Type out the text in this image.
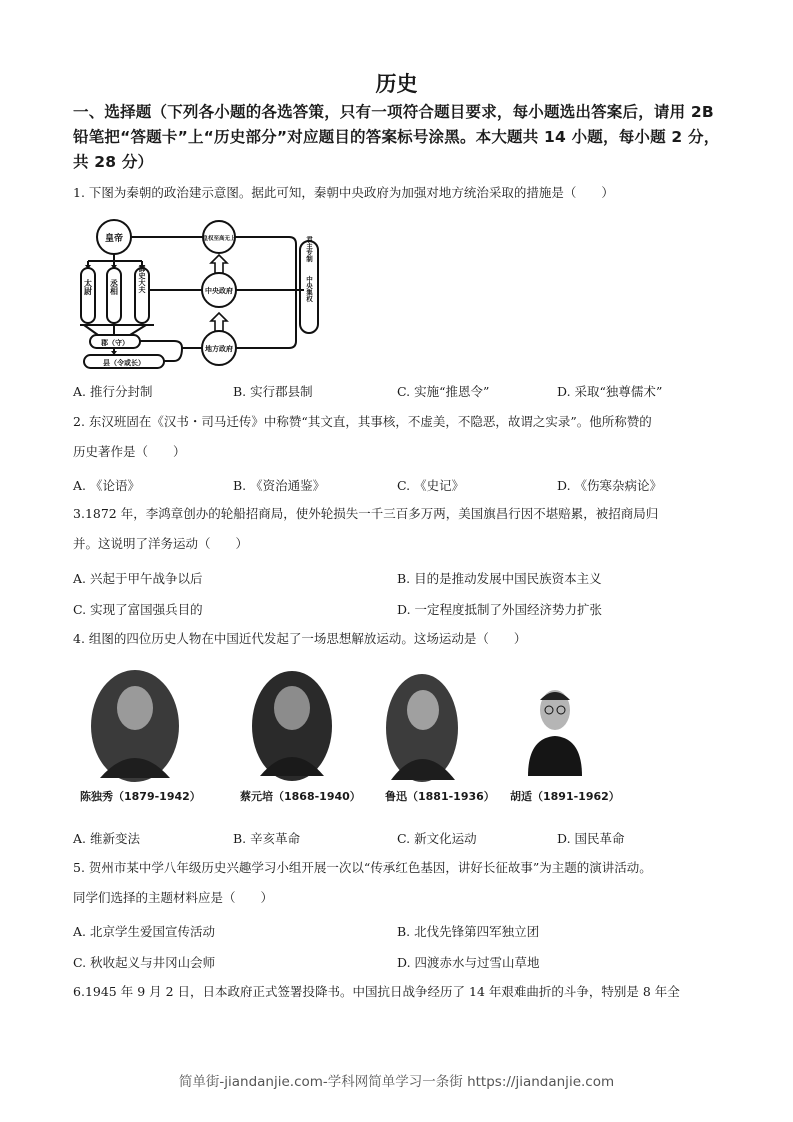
历史
一、选择题（下列各小题的各选答策，只有一项符合题目要求，每小题选出答案后，请用 2B 铅笔把“答题卡”上“历史部分”对应题目的答案标号涂黑。本大题共 14 小题，每小题 2 分，共 28 分）
1. 下图为秦朝的政治建示意图。据此可知，秦朝中央政府为加强对地方统治采取的措施是（　　）
皇帝	皇权至高无上
中央政府
地方政府
太尉 丞相	御史大夫
郡（守）
县（令或长）
君主专制
中央集权
A. 推行分封制	B. 实行郡县制	C. 实施“推恩令”	D. 采取“独尊儒术”
2. 东汉班固在《汉书・司马迁传》中称赞“其文直，其事核，不虚美，不隐恶，故谓之实录”。他所称赞的
历史著作是（　　）
A. 《论语》	B. 《资治通鉴》	C. 《史记》	D. 《伤寒杂病论》
3.1872 年，李鸿章创办的轮船招商局，使外轮损失一千三百多万两，美国旗昌行因不堪赔累，被招商局归
并。这说明了洋务运动（　　）
A. 兴起于甲午战争以后	B. 目的是推动发展中国民族资本主义
C. 实现了富国强兵目的	D. 一定程度抵制了外国经济势力扩张
4. 组图的四位历史人物在中国近代发起了一场思想解放运动。这场运动是（　　）
陈独秀（1879-1942）	蔡元培（1868-1940） 鲁迅（1881-1936） 胡适（1891-1962）
A. 维新变法	B. 辛亥革命	C. 新文化运动	D. 国民革命
5. 贺州市某中学八年级历史兴趣学习小组开展一次以“传承红色基因，讲好长征故事”为主题的演讲活动。
同学们选择的主题材料应是（　　）
A. 北京学生爱国宣传活动	B. 北伐先锋第四军独立团
C. 秋收起义与井冈山会师	D. 四渡赤水与过雪山草地
6.1945 年 9 月 2 日，日本政府正式签署投降书。中国抗日战争经历了 14 年艰难曲折的斗争，特别是 8 年全
简单街-jiandanjie.com-学科网简单学习一条街 https://jiandanjie.com
